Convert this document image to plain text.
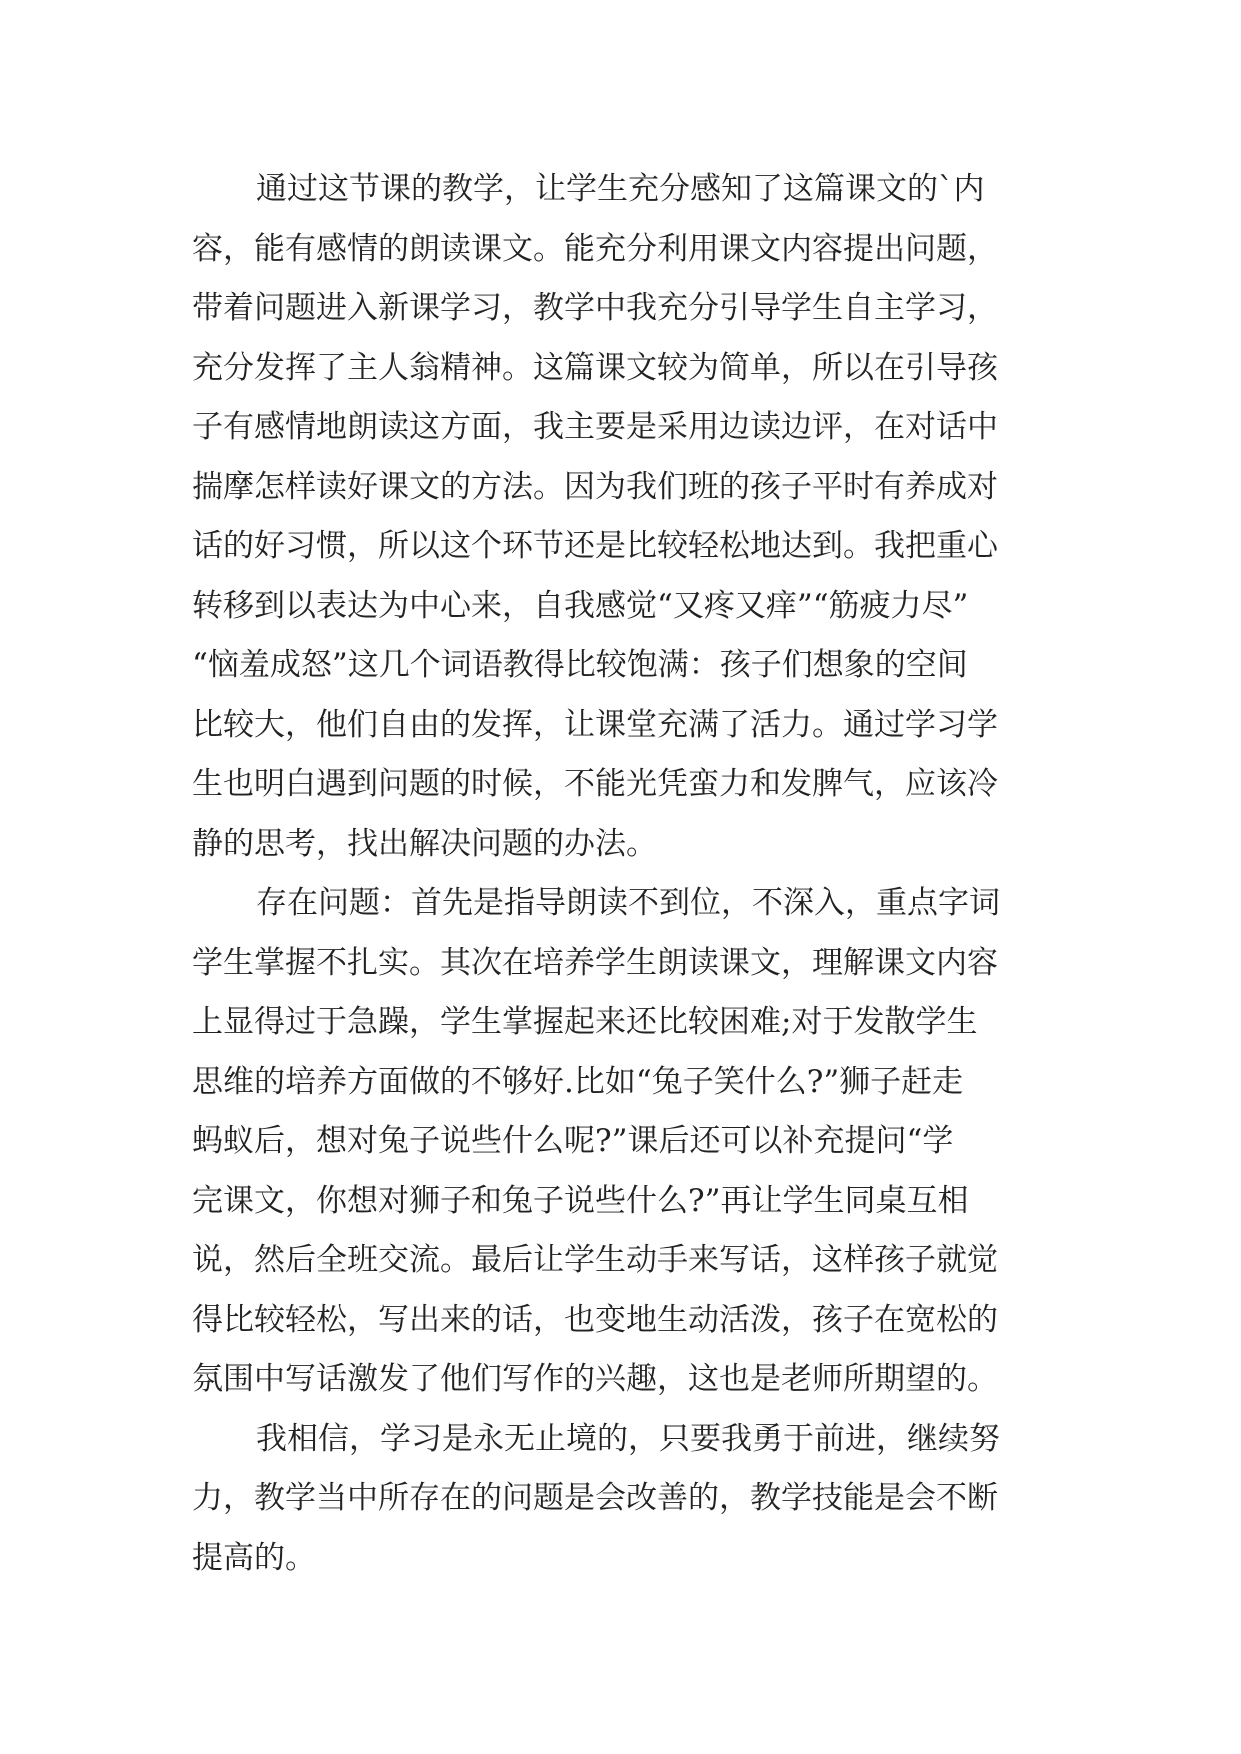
通过这节课的教学，让学生充分感知了这篇课文的`内
容，能有感情的朗读课文。能充分利用课文内容提出问题，
带着问题进入新课学习，教学中我充分引导学生自主学习，
充分发挥了主人翁精神。这篇课文较为简单，所以在引导孩
子有感情地朗读这方面，我主要是采用边读边评，在对话中
揣摩怎样读好课文的方法。因为我们班的孩子平时有养成对
话的好习惯，所以这个环节还是比较轻松地达到。我把重心
转移到以表达为中心来，自我感觉“又疼又痒”“筋疲力尽”
“恼羞成怒”这几个词语教得比较饱满：孩子们想象的空间
比较大，他们自由的发挥，让课堂充满了活力。通过学习学
生也明白遇到问题的时候，不能光凭蛮力和发脾气，应该冷
静的思考，找出解决问题的办法。
存在问题：首先是指导朗读不到位，不深入，重点字词
学生掌握不扎实。其次在培养学生朗读课文，理解课文内容
上显得过于急躁，学生掌握起来还比较困难;对于发散学生
思维的培养方面做的不够好.比如“兔子笑什么?”狮子赶走
蚂蚁后，想对兔子说些什么呢?”课后还可以补充提问“学
完课文，你想对狮子和兔子说些什么?”再让学生同桌互相
说，然后全班交流。最后让学生动手来写话，这样孩子就觉
得比较轻松，写出来的话，也变地生动活泼，孩子在宽松的
氛围中写话激发了他们写作的兴趣，这也是老师所期望的。
我相信，学习是永无止境的，只要我勇于前进，继续努
力，教学当中所存在的问题是会改善的，教学技能是会不断
提高的。
